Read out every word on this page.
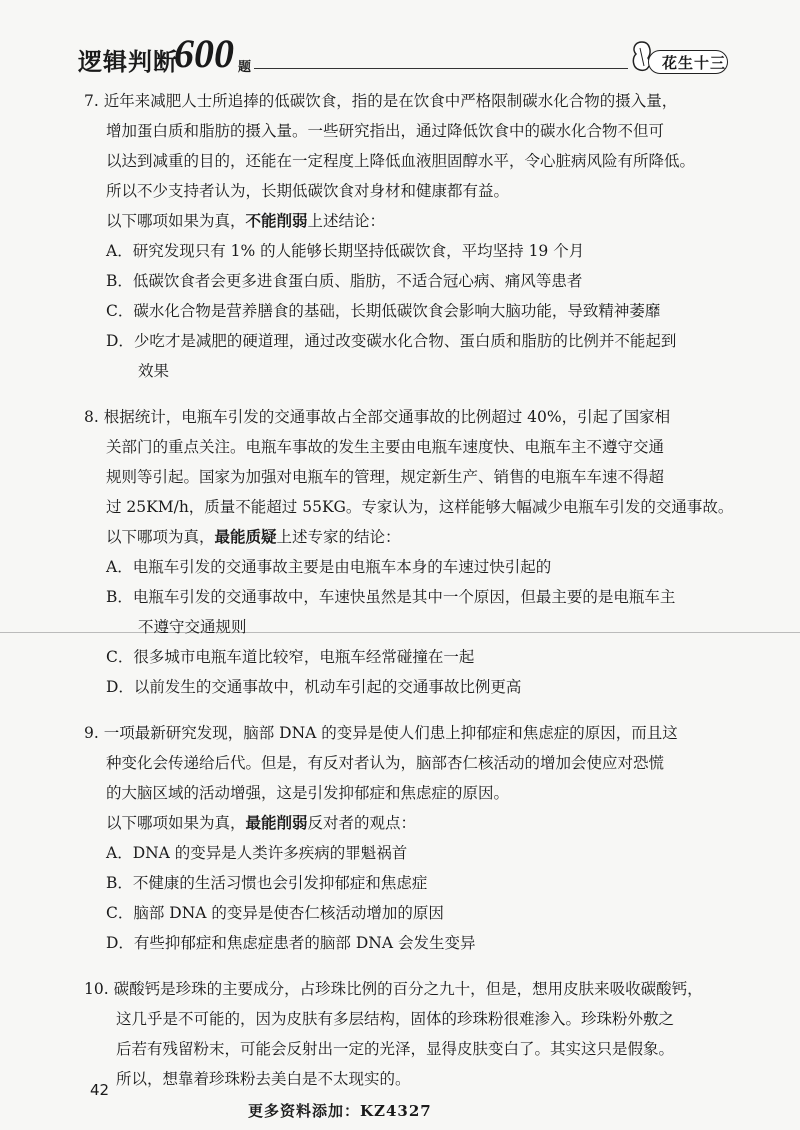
逻辑判断
600 题	花生十三

7. 近年来减肥人士所追捧的低碳饮食，指的是在饮食中严格限制碳水化合物的摄入量，

增加蛋白质和脂肪的摄入量。一些研究指出，通过降低饮食中的碳水化合物不但可

以达到减重的目的，还能在一定程度上降低血液胆固醇水平，令心脏病风险有所降低。

所以不少支持者认为，长期低碳饮食对身材和健康都有益。

以下哪项如果为真，不能削弱上述结论：

A．研究发现只有 1% 的人能够长期坚持低碳饮食，平均坚持 19 个月

B．低碳饮食者会更多进食蛋白质、脂肪，不适合冠心病、痛风等患者

C．碳水化合物是营养膳食的基础，长期低碳饮食会影响大脑功能，导致精神萎靡

D．少吃才是减肥的硬道理，通过改变碳水化合物、蛋白质和脂肪的比例并不能起到

效果

8. 根据统计，电瓶车引发的交通事故占全部交通事故的比例超过 40%，引起了国家相

关部门的重点关注。电瓶车事故的发生主要由电瓶车速度快、电瓶车主不遵守交通

规则等引起。国家为加强对电瓶车的管理，规定新生产、销售的电瓶车车速不得超

过 25KM/h，质量不能超过 55KG。专家认为，这样能够大幅减少电瓶车引发的交通事故。

以下哪项为真，最能质疑上述专家的结论：

A．电瓶车引发的交通事故主要是由电瓶车本身的车速过快引起的

B．电瓶车引发的交通事故中，车速快虽然是其中一个原因，但最主要的是电瓶车主

不遵守交通规则

C．很多城市电瓶车道比较窄，电瓶车经常碰撞在一起

D．以前发生的交通事故中，机动车引起的交通事故比例更高

9. 一项最新研究发现，脑部 DNA 的变异是使人们患上抑郁症和焦虑症的原因，而且这

种变化会传递给后代。但是，有反对者认为，脑部杏仁核活动的增加会使应对恐慌

的大脑区域的活动增强，这是引发抑郁症和焦虑症的原因。

以下哪项如果为真，最能削弱反对者的观点：

A．DNA 的变异是人类许多疾病的罪魁祸首

B．不健康的生活习惯也会引发抑郁症和焦虑症

C．脑部 DNA 的变异是使杏仁核活动增加的原因

D．有些抑郁症和焦虑症患者的脑部 DNA 会发生变异

10. 碳酸钙是珍珠的主要成分，占珍珠比例的百分之九十，但是，想用皮肤来吸收碳酸钙，

这几乎是不可能的，因为皮肤有多层结构，固体的珍珠粉很难渗入。珍珠粉外敷之

后若有残留粉末，可能会反射出一定的光泽，显得皮肤变白了。其实这只是假象。

所以，想靠着珍珠粉去美白是不太现实的。

42
更多资料添加：KZ4327
